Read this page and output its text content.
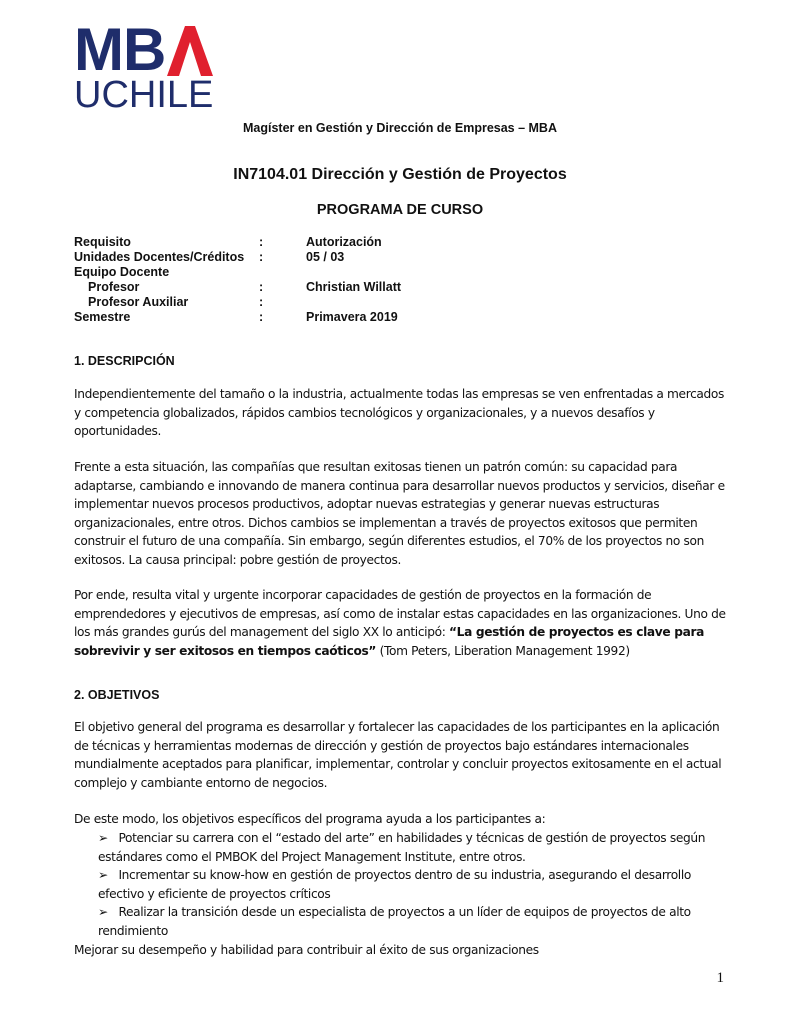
MB
UCHILE
Magíster en Gestión y Dirección de Empresas – MBA
IN7104.01 Dirección y Gestión de Proyectos
PROGRAMA DE CURSO
Requisito	:	Autorización
Unidades Docentes/Créditos :	05 / 03
Equipo Docente
Profesor	:	Christian Willatt
Profesor Auxiliar	:
Semestre	:	Primavera 2019
1. DESCRIPCIÓN
Independientemente del tamaño o la industria, actualmente todas las empresas se ven enfrentadas a mercados y competencia globalizados, rápidos cambios tecnológicos y organizacionales, y a nuevos desafíos y oportunidades.
Frente a esta situación, las compañías que resultan exitosas tienen un patrón común: su capacidad para adaptarse, cambiando e innovando de manera continua para desarrollar nuevos productos y servicios, diseñar e implementar nuevos procesos productivos, adoptar nuevas estrategias y generar nuevas estructuras organizacionales, entre otros. Dichos cambios se implementan a través de proyectos exitosos que permiten construir el futuro de una compañía. Sin embargo, según diferentes estudios, el 70% de los proyectos no son exitosos. La causa principal: pobre gestión de proyectos.
Por ende, resulta vital y urgente incorporar capacidades de gestión de proyectos en la formación de emprendedores y ejecutivos de empresas, así como de instalar estas capacidades en las organizaciones. Uno de los más grandes gurús del management del siglo XX lo anticipó: “La gestión de proyectos es clave para sobrevivir y ser exitosos en tiempos caóticos” (Tom Peters, Liberation Management 1992)
2. OBJETIVOS
El objetivo general del programa es desarrollar y fortalecer las capacidades de los participantes en la aplicación de técnicas y herramientas modernas de dirección y gestión de proyectos bajo estándares internacionales mundialmente aceptados para planificar, implementar, controlar y concluir proyectos exitosamente en el actual complejo y cambiante entorno de negocios.
De este modo, los objetivos específicos del programa ayuda a los participantes a:
➢   Potenciar su carrera con el “estado del arte” en habilidades y técnicas de gestión de proyectos según estándares como el PMBOK del Project Management Institute, entre otros.
➢   Incrementar su know-how en gestión de proyectos dentro de su industria, asegurando el desarrollo efectivo y eficiente de proyectos críticos
➢   Realizar la transición desde un especialista de proyectos a un líder de equipos de proyectos de alto rendimiento
Mejorar su desempeño y habilidad para contribuir al éxito de sus organizaciones
1
